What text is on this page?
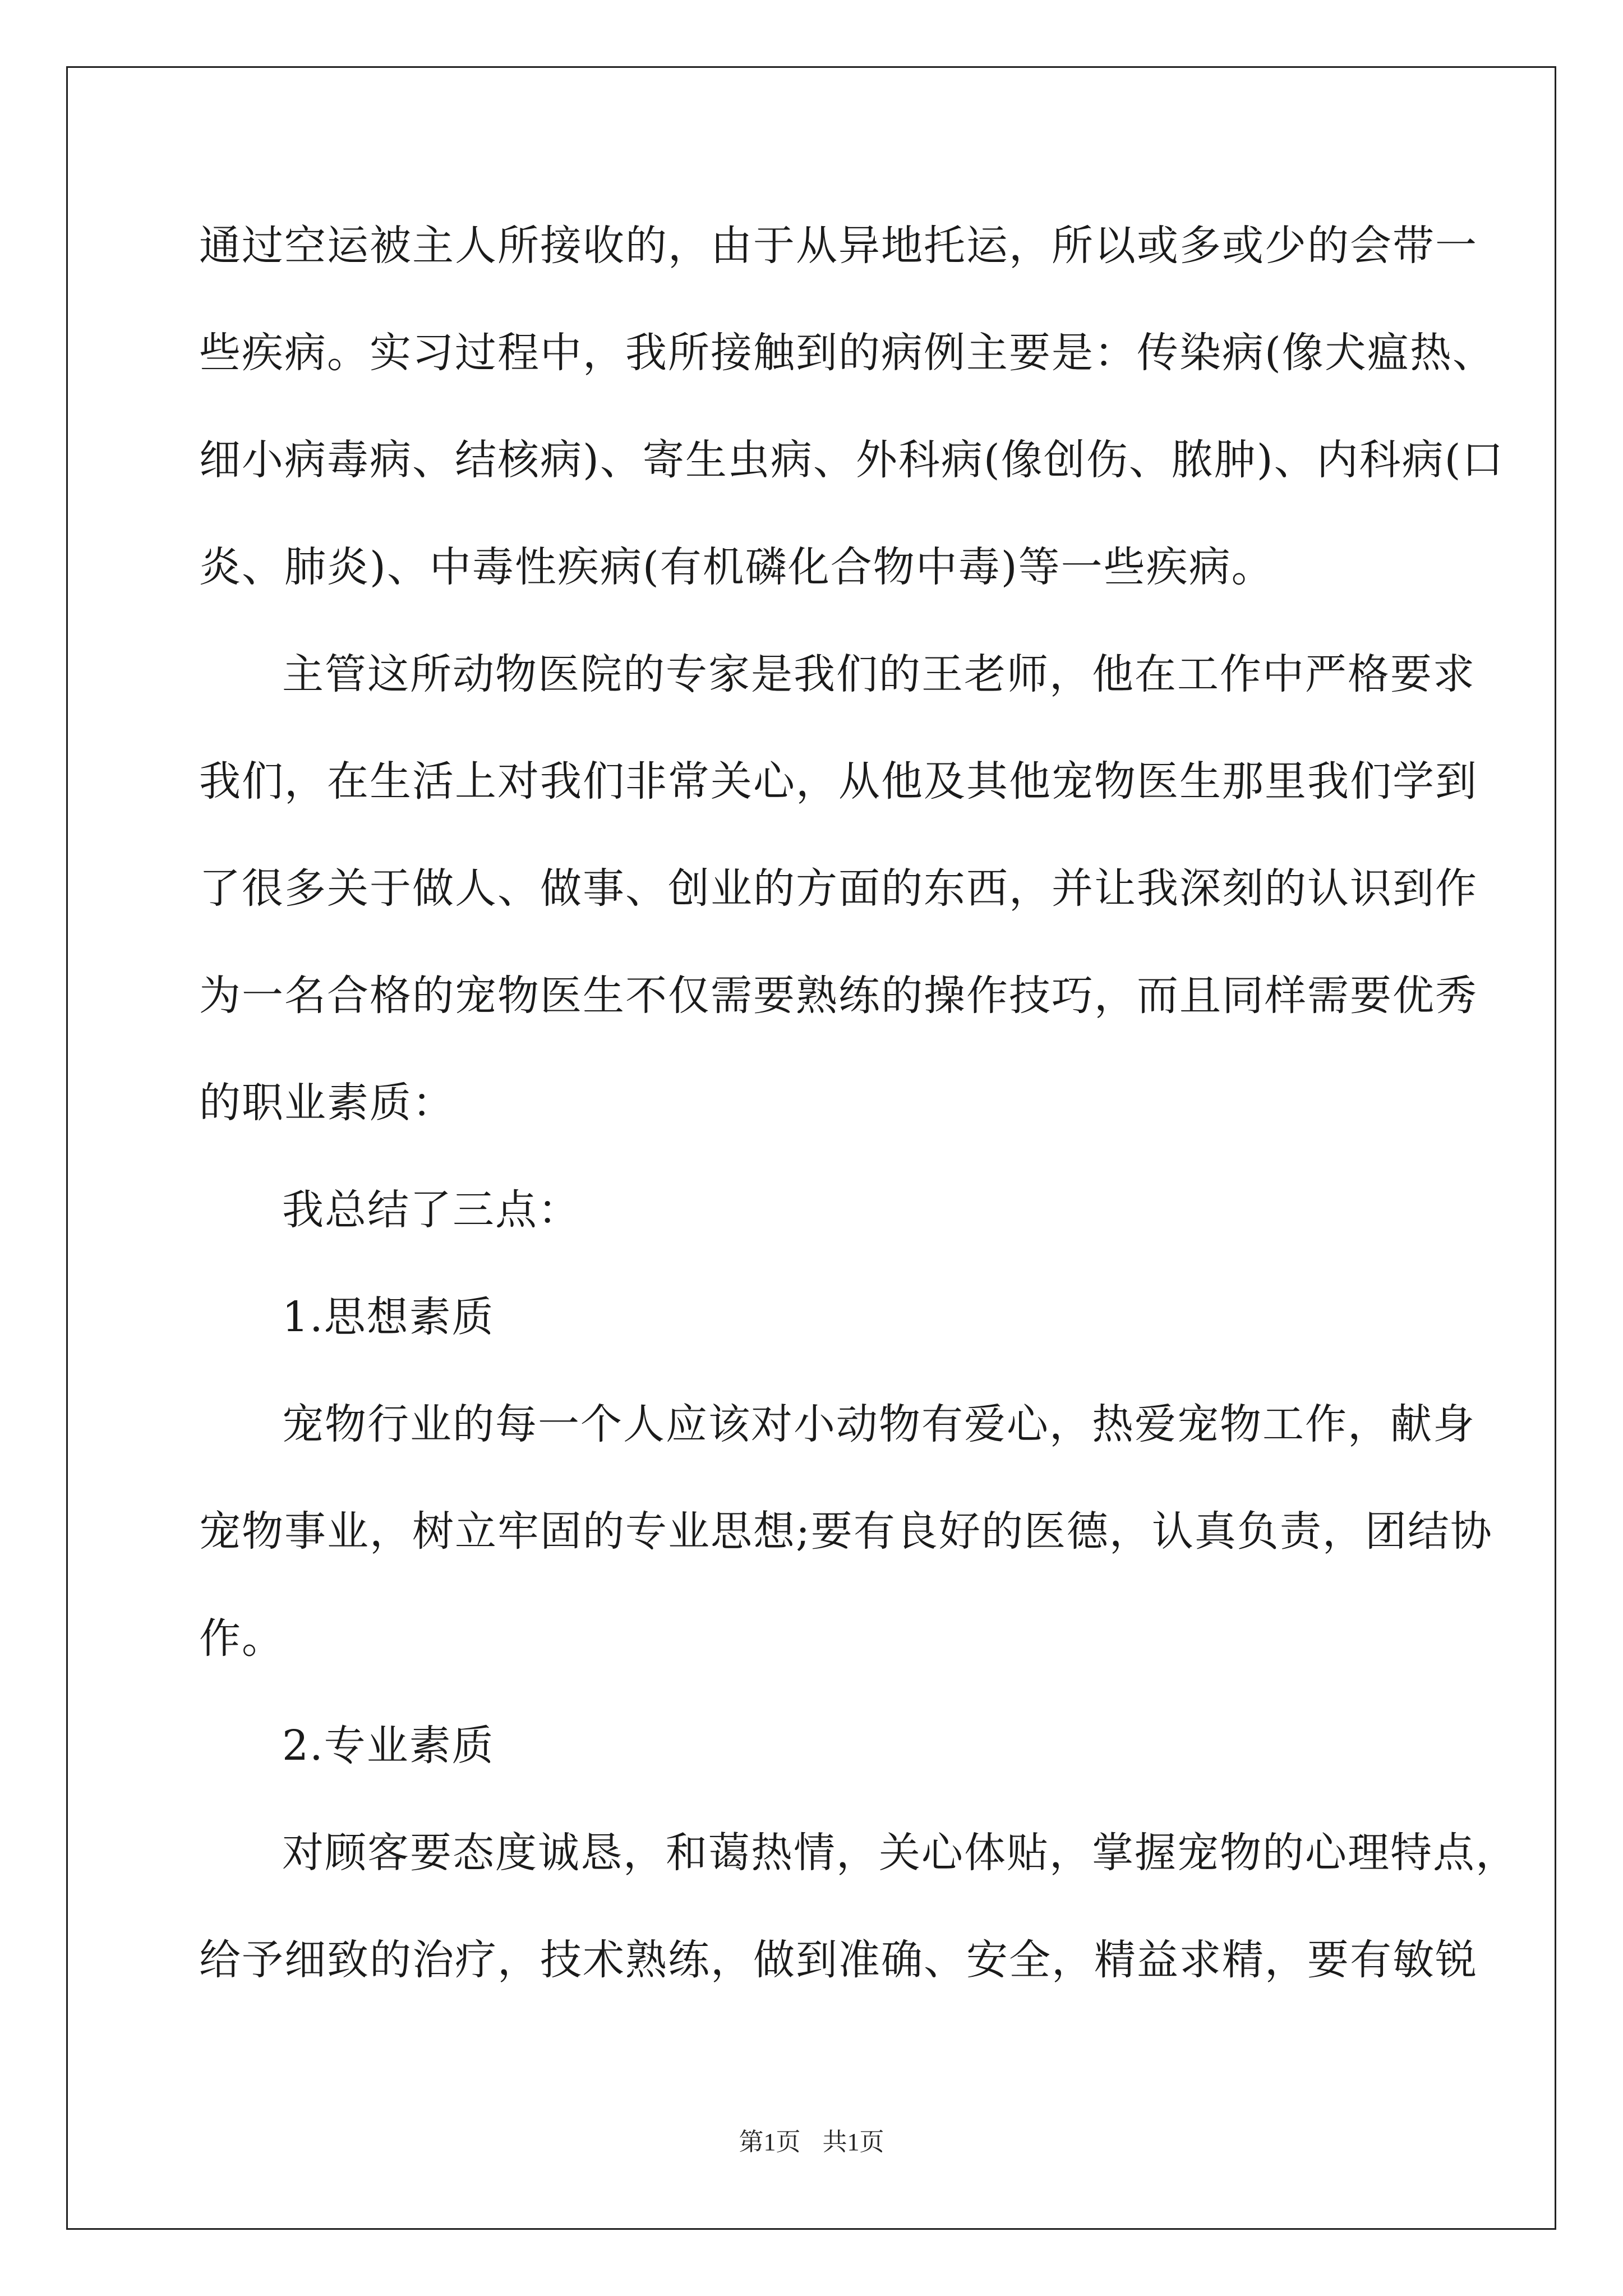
通过空运被主人所接收的，由于从异地托运，所以或多或少的会带一
些疾病。实习过程中，我所接触到的病例主要是：传染病(像犬瘟热、
细小病毒病、结核病)、寄生虫病、外科病(像创伤、脓肿)、内科病(口
炎、肺炎)、中毒性疾病(有机磷化合物中毒)等一些疾病。
主管这所动物医院的专家是我们的王老师，他在工作中严格要求
我们，在生活上对我们非常关心，从他及其他宠物医生那里我们学到
了很多关于做人、做事、创业的方面的东西，并让我深刻的认识到作
为一名合格的宠物医生不仅需要熟练的操作技巧，而且同样需要优秀
的职业素质：
我总结了三点：
1.思想素质
宠物行业的每一个人应该对小动物有爱心，热爱宠物工作，献身
宠物事业，树立牢固的专业思想;要有良好的医德，认真负责，团结协
作。
2.专业素质
对顾客要态度诚恳，和蔼热情，关心体贴，掌握宠物的心理特点，
给予细致的治疗，技术熟练，做到准确、安全，精益求精，要有敏锐
第1页 共1页
